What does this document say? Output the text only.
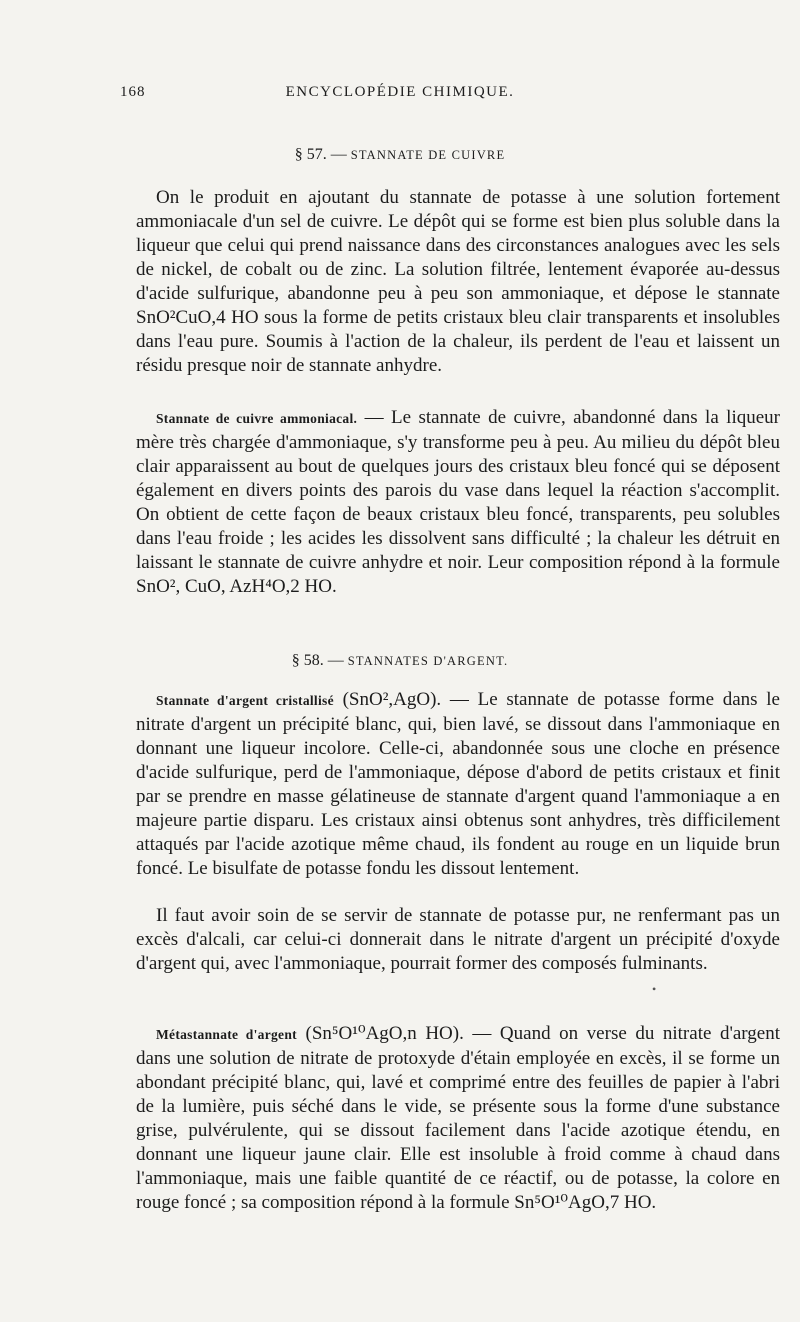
168	ENCYCLOPÉDIE CHIMIQUE.
§ 57. — STANNATE DE CUIVRE

On le produit en ajoutant du stannate de potasse à une solution fortement ammoniacale d'un sel de cuivre. Le dépôt qui se forme est bien plus soluble dans la liqueur que celui qui prend naissance dans des circonstances analogues avec les sels de nickel, de cobalt ou de zinc. La solution filtrée, lentement évaporée au-dessus d'acide sulfurique, abandonne peu à peu son ammoniaque, et dépose le stannate SnO²CuO,4 HO sous la forme de petits cristaux bleu clair transparents et insolubles dans l'eau pure. Soumis à l'action de la chaleur, ils perdent de l'eau et laissent un résidu presque noir de stannate anhydre.

Stannate de cuivre ammoniacal. — Le stannate de cuivre, abandonné dans la liqueur mère très chargée d'ammoniaque, s'y transforme peu à peu. Au milieu du dépôt bleu clair apparaissent au bout de quelques jours des cristaux bleu foncé qui se déposent également en divers points des parois du vase dans lequel la réaction s'accomplit. On obtient de cette façon de beaux cristaux bleu foncé, transparents, peu solubles dans l'eau froide ; les acides les dissolvent sans difficulté ; la chaleur les détruit en laissant le stannate de cuivre anhydre et noir. Leur composition répond à la formule SnO², CuO, AzH⁴O,2 HO.

§ 58. — STANNATES D'ARGENT.

Stannate d'argent cristallisé (SnO²,AgO). — Le stannate de potasse forme dans le nitrate d'argent un précipité blanc, qui, bien lavé, se dissout dans l'ammoniaque en donnant une liqueur incolore. Celle-ci, abandonnée sous une cloche en présence d'acide sulfurique, perd de l'ammoniaque, dépose d'abord de petits cristaux et finit par se prendre en masse gélatineuse de stannate d'argent quand l'ammoniaque a en majeure partie disparu. Les cristaux ainsi obtenus sont anhydres, très difficilement attaqués par l'acide azotique même chaud, ils fondent au rouge en un liquide brun foncé. Le bisulfate de potasse fondu les dissout lentement.

Il faut avoir soin de se servir de stannate de potasse pur, ne renfermant pas un excès d'alcali, car celui-ci donnerait dans le nitrate d'argent un précipité d'oxyde d'argent qui, avec l'ammoniaque, pourrait former des composés fulminants.

•

Métastannate d'argent (Sn⁵O¹⁰AgO,n HO). — Quand on verse du nitrate d'argent dans une solution de nitrate de protoxyde d'étain employée en excès, il se forme un abondant précipité blanc, qui, lavé et comprimé entre des feuilles de papier à l'abri de la lumière, puis séché dans le vide, se présente sous la forme d'une substance grise, pulvérulente, qui se dissout facilement dans l'acide azotique étendu, en donnant une liqueur jaune clair. Elle est insoluble à froid comme à chaud dans l'ammoniaque, mais une faible quantité de ce réactif, ou de potasse, la colore en rouge foncé ; sa composition répond à la formule Sn⁵O¹⁰AgO,7 HO.
